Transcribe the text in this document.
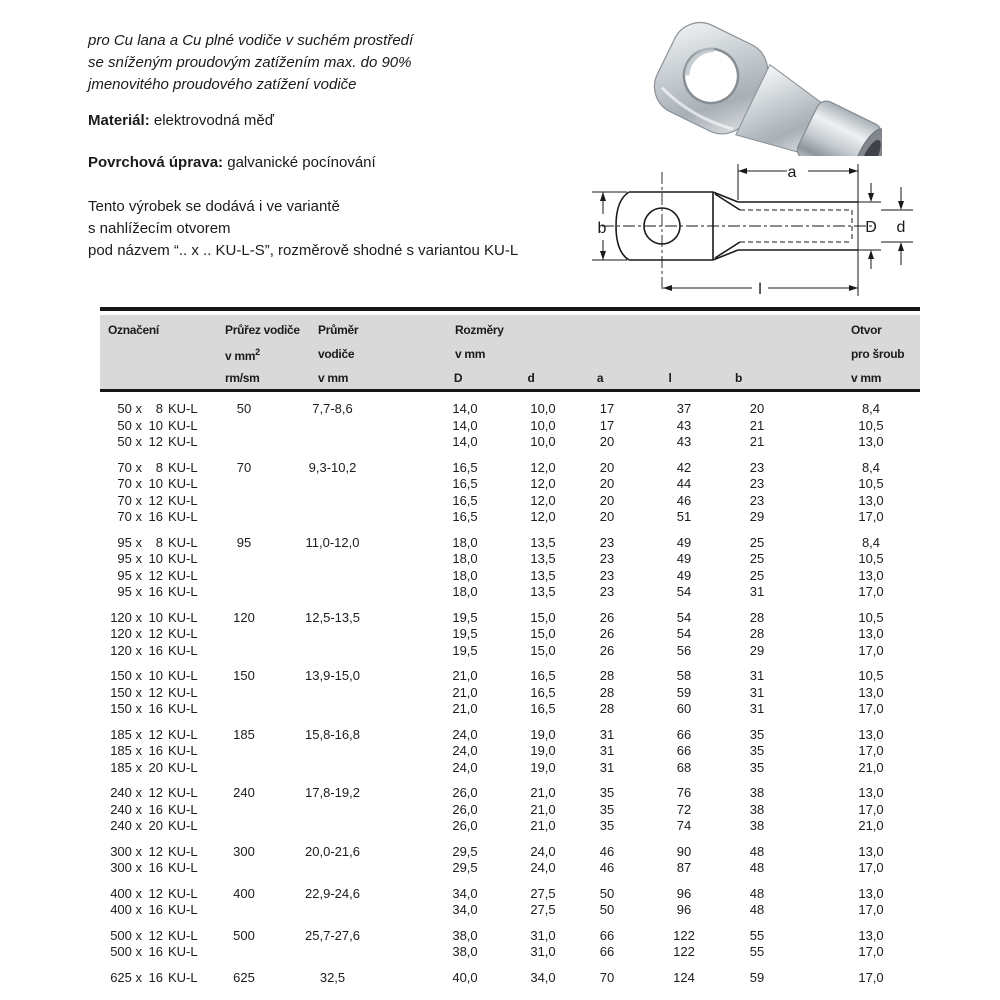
pro Cu lana a Cu plné vodiče v suchém prostředí
se sníženým proudovým zatížením max. do 90%
jmenovitého proudového zatížení vodiče
Materiál: elektrovodná měď
Povrchová úprava: galvanické pocínování
Tento výrobek se dodává i ve variantě
s nahlížecím otvorem
pod názvem “.. x .. KU-L-S”, rozměrově shodné s variantou KU-L
a
b	D d
l
Označení	Průřez vodiče	Průměr	Rozměry					Otvor
	v $mm^2$	vodiče	v mm					pro šroub
	rm/sm	v mm	D	d	a	l	b	v mm
50 x 8 KU-L	50	7,7-8,6	14,0	10,0	17	37	20	8,4
50 x 10 KU-L			14,0	10,0	17	43	21	10,5
50 x 12 KU-L			14,0	10,0	20	43	21	13,0

70 x 8 KU-L	70	9,3-10,2	16,5	12,0	20	42	23	8,4
70 x 10 KU-L			16,5	12,0	20	44	23	10,5
70 x 12 KU-L			16,5	12,0	20	46	23	13,0
70 x 16 KU-L			16,5	12,0	20	51	29	17,0

95 x 8 KU-L	95	11,0-12,0	18,0	13,5	23	49	25	8,4
95 x 10 KU-L			18,0	13,5	23	49	25	10,5
95 x 12 KU-L			18,0	13,5	23	49	25	13,0
95 x 16 KU-L			18,0	13,5	23	54	31	17,0

120 x 10 KU-L	120	12,5-13,5	19,5	15,0	26	54	28	10,5
120 x 12 KU-L			19,5	15,0	26	54	28	13,0
120 x 16 KU-L			19,5	15,0	26	56	29	17,0

150 x 10 KU-L	150	13,9-15,0	21,0	16,5	28	58	31	10,5
150 x 12 KU-L			21,0	16,5	28	59	31	13,0
150 x 16 KU-L			21,0	16,5	28	60	31	17,0

185 x 12 KU-L	185	15,8-16,8	24,0	19,0	31	66	35	13,0
185 x 16 KU-L			24,0	19,0	31	66	35	17,0
185 x 20 KU-L			24,0	19,0	31	68	35	21,0

240 x 12 KU-L	240	17,8-19,2	26,0	21,0	35	76	38	13,0
240 x 16 KU-L			26,0	21,0	35	72	38	17,0
240 x 20 KU-L			26,0	21,0	35	74	38	21,0

300 x 12 KU-L	300	20,0-21,6	29,5	24,0	46	90	48	13,0
300 x 16 KU-L			29,5	24,0	46	87	48	17,0

400 x 12 KU-L	400	22,9-24,6	34,0	27,5	50	96	48	13,0
400 x 16 KU-L			34,0	27,5	50	96	48	17,0

500 x 12 KU-L	500	25,7-27,6	38,0	31,0	66	122	55	13,0
500 x 16 KU-L			38,0	31,0	66	122	55	17,0

625 x 16 KU-L	625	32,5	40,0	34,0	70	124	59	17,0
